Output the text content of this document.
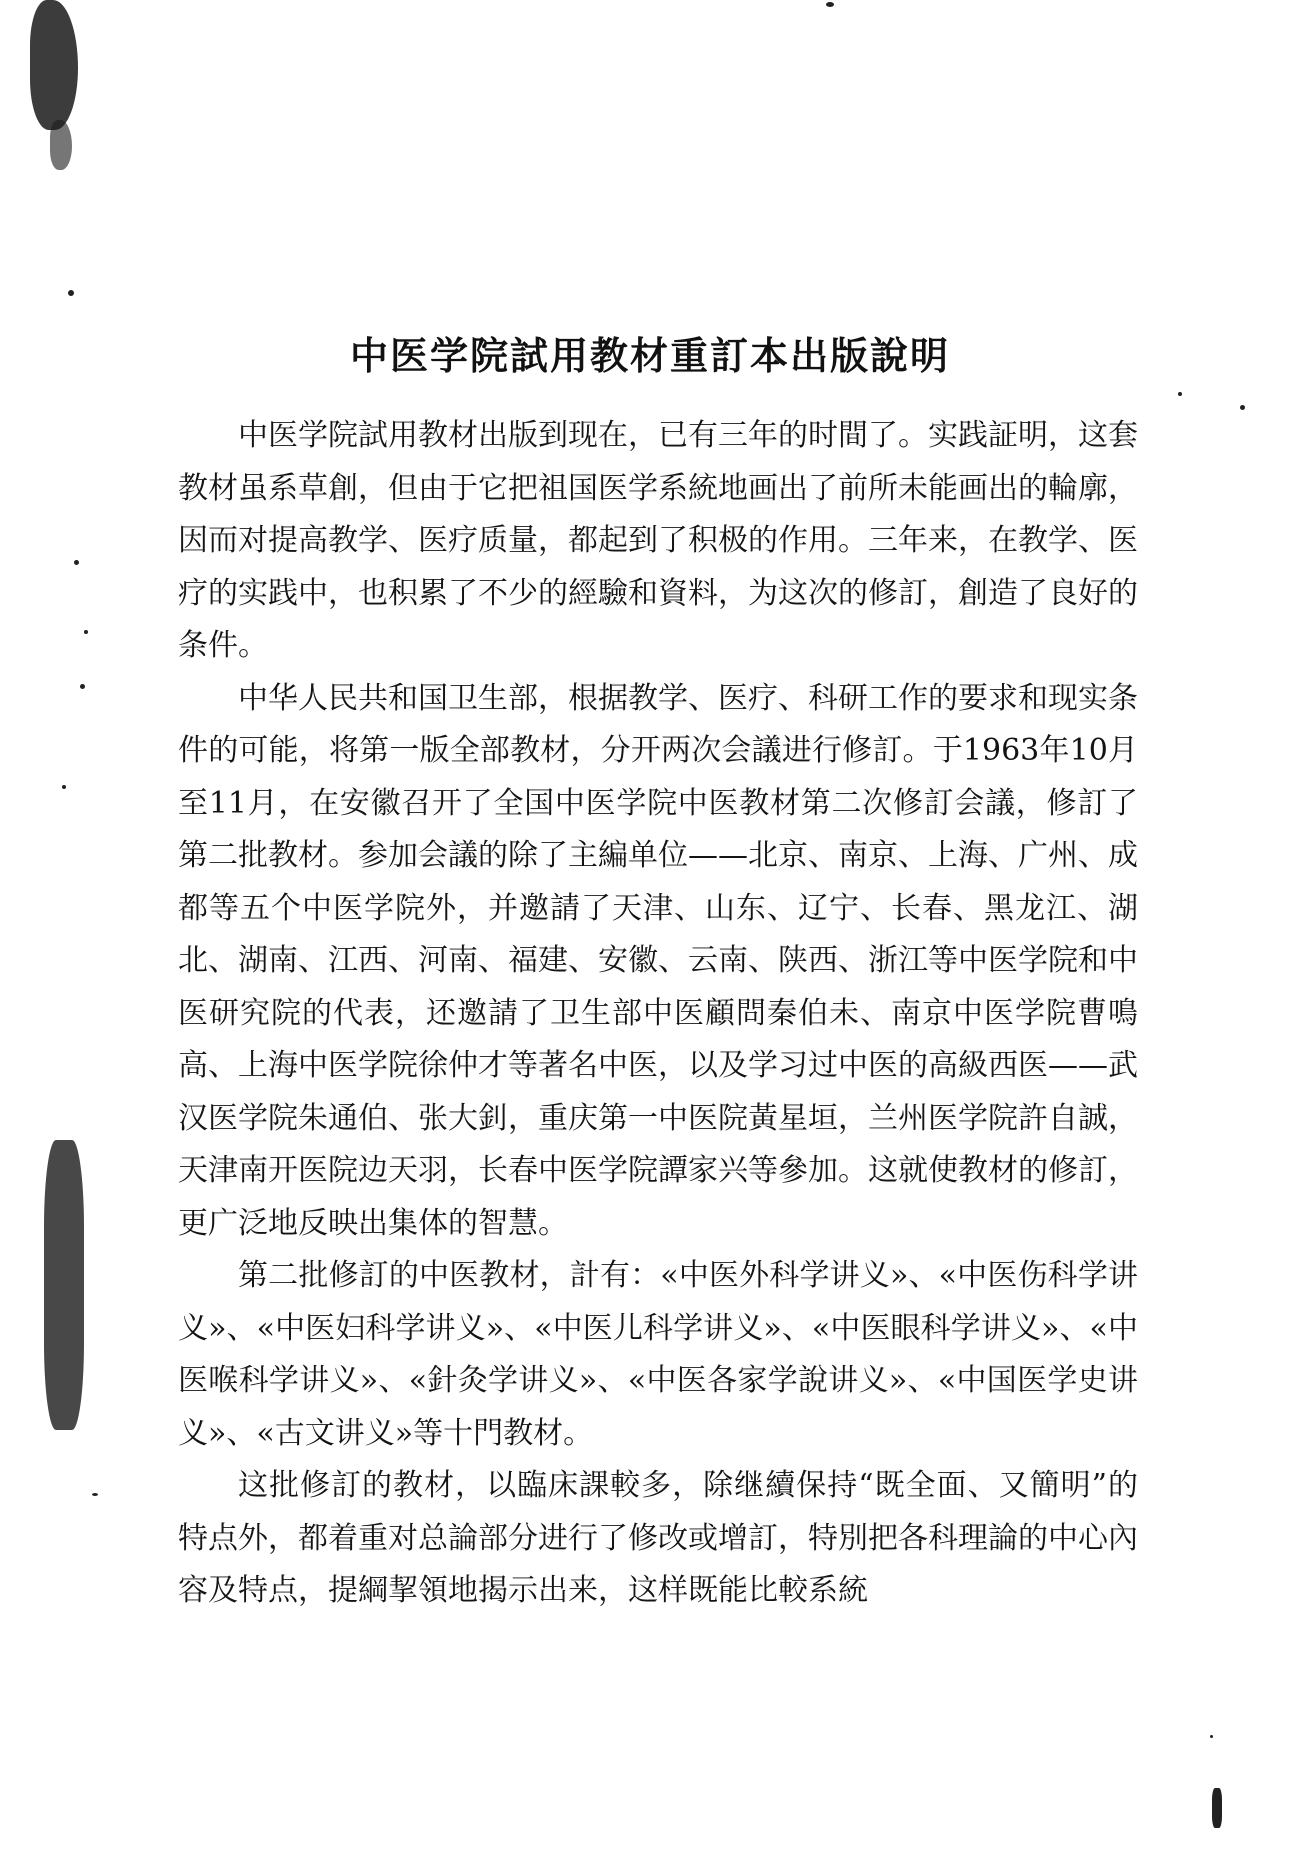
中医学院試用教材重訂本出版說明

中医学院試用教材出版到现在，已有三年的时間了。实践証明，这套教材虽系草創，但由于它把祖国医学系統地画出了前所未能画出的輪廓，因而对提高教学、医疗质量，都起到了积极的作用。三年来，在教学、医疗的实践中，也积累了不少的經驗和資料，为这次的修訂，創造了良好的条件。

中华人民共和国卫生部，根据教学、医疗、科研工作的要求和现实条件的可能，将第一版全部教材，分开两次会議进行修訂。于1963年10月至11月，在安徽召开了全国中医学院中医教材第二次修訂会議，修訂了第二批教材。参加会議的除了主編单位——北京、南京、上海、广州、成都等五个中医学院外，并邀請了天津、山东、辽宁、长春、黑龙江、湖北、湖南、江西、河南、福建、安徽、云南、陕西、浙江等中医学院和中医研究院的代表，还邀請了卫生部中医顧問秦伯未、南京中医学院曹鳴高、上海中医学院徐仲才等著名中医，以及学习过中医的高級西医——武汉医学院朱通伯、张大釗，重庆第一中医院黃星垣，兰州医学院許自誠，天津南开医院边天羽，长春中医学院譚家兴等參加。这就使教材的修訂，更广泛地反映出集体的智慧。

第二批修訂的中医教材，計有：«中医外科学讲义»、«中医伤科学讲义»、«中医妇科学讲义»、«中医儿科学讲义»、«中医眼科学讲义»、«中医喉科学讲义»、«針灸学讲义»、«中医各家学說讲义»、«中国医学史讲义»、«古文讲义»等十門教材。

这批修訂的教材，以臨床課較多，除继續保持“既全面、又簡明”的特点外，都着重对总論部分进行了修改或增訂，特別把各科理論的中心內容及特点，提綱挈領地揭示出来，这样既能比較系統
